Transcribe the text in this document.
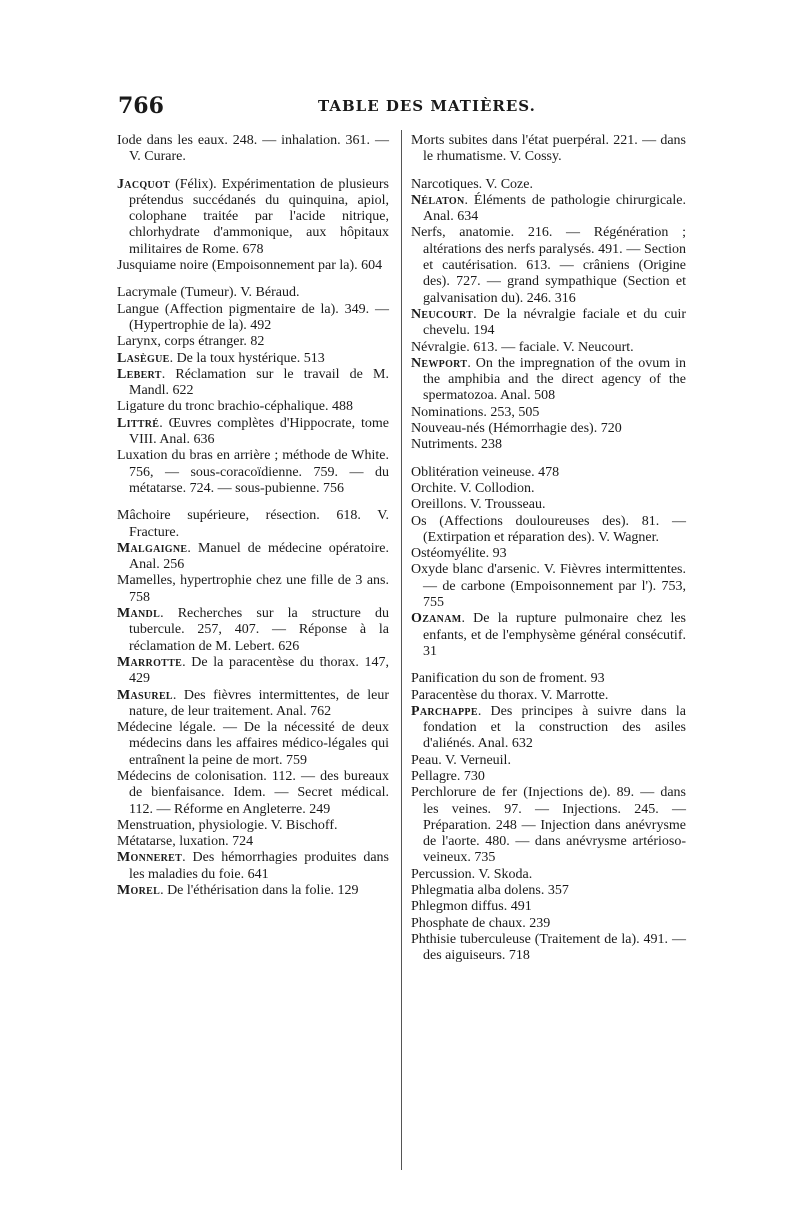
766	TABLE DES MATIÈRES.

Iode dans les eaux. 248. — inhalation. 361. — V. Curare.

Jacquot (Félix). Expérimentation de plusieurs prétendus succédanés du quinquina, apiol, colophane traitée par l'acide nitrique, chlorhydrate d'ammonique, aux hôpitaux militaires de Rome. 678

Jusquiame noire (Empoisonnement par la). 604

Lacrymale (Tumeur). V. Béraud.

Langue (Affection pigmentaire de la). 349. — (Hypertrophie de la). 492

Larynx, corps étranger. 82

Lasègue. De la toux hystérique. 513

Lebert. Réclamation sur le travail de M. Mandl. 622

Ligature du tronc brachio-céphalique. 488

Littré. Œuvres complètes d'Hippocrate, tome VIII. Anal. 636

Luxation du bras en arrière ; méthode de White. 756, — sous-coracoïdienne. 759. — du métatarse. 724. — sous-pubienne. 756

Mâchoire supérieure, résection. 618. V. Fracture.

Malgaigne. Manuel de médecine opératoire. Anal. 256

Mamelles, hypertrophie chez une fille de 3 ans. 758

Mandl. Recherches sur la structure du tubercule. 257, 407. — Réponse à la réclamation de M. Lebert. 626

Marrotte. De la paracentèse du thorax. 147, 429

Masurel. Des fièvres intermittentes, de leur nature, de leur traitement. Anal. 762

Médecine légale. — De la nécessité de deux médecins dans les affaires médico-légales qui entraînent la peine de mort. 759

Médecins de colonisation. 112. — des bureaux de bienfaisance. Idem. — Secret médical. 112. — Réforme en Angleterre. 249

Menstruation, physiologie. V. Bischoff.

Métatarse, luxation. 724

Monneret. Des hémorrhagies produites dans les maladies du foie. 641

Morel. De l'éthérisation dans la folie. 129

Morts subites dans l'état puerpéral. 221. — dans le rhumatisme. V. Cossy.

Narcotiques. V. Coze.

Nélaton. Éléments de pathologie chirurgicale. Anal. 634

Nerfs, anatomie. 216. — Régénération ; altérations des nerfs paralysés. 491. — Section et cautérisation. 613. — crâniens (Origine des). 727. — grand sympathique (Section et galvanisation du). 246. 316

Neucourt. De la névralgie faciale et du cuir chevelu. 194

Névralgie. 613. — faciale. V. Neucourt.

Newport. On the impregnation of the ovum in the amphibia and the direct agency of the spermatozoa. Anal. 508

Nominations. 253, 505

Nouveau-nés (Hémorrhagie des). 720

Nutriments. 238

Oblitération veineuse. 478

Orchite. V. Collodion.

Oreillons. V. Trousseau.

Os (Affections douloureuses des). 81. — (Extirpation et réparation des). V. Wagner.

Ostéomyélite. 93

Oxyde blanc d'arsenic. V. Fièvres intermittentes. — de carbone (Empoisonnement par l'). 753, 755

Ozanam. De la rupture pulmonaire chez les enfants, et de l'emphysème général consécutif. 31

Panification du son de froment. 93

Paracentèse du thorax. V. Marrotte.

Parchappe. Des principes à suivre dans la fondation et la construction des asiles d'aliénés. Anal. 632

Peau. V. Verneuil.

Pellagre. 730

Perchlorure de fer (Injections de). 89. — dans les veines. 97. — Injections. 245. — Préparation. 248 — Injection dans anévrysme de l'aorte. 480. — dans anévrysme artérioso-veineux. 735

Percussion. V. Skoda.

Phlegmatia alba dolens. 357

Phlegmon diffus. 491

Phosphate de chaux. 239

Phthisie tuberculeuse (Traitement de la). 491. — des aiguiseurs. 718
